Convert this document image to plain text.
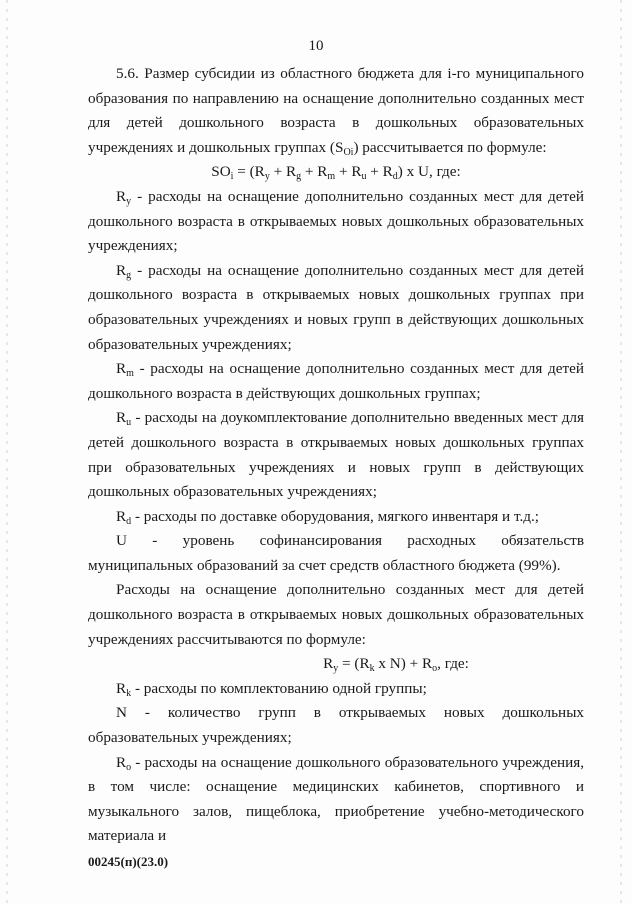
10

5.6. Размер субсидии из областного бюджета для i-го муниципального образования по направлению на оснащение дополнительно созданных мест для детей дошкольного возраста в дошкольных образовательных учреждениях и дошкольных группах $(S_{Oi})$ рассчитывается по формуле:

$SO_i = (R_y + R_g + R_m + R_u + R_d)$ x U, где:

$R_y$ - расходы на оснащение дополнительно созданных мест для детей дошкольного возраста в открываемых новых дошкольных образовательных учреждениях;

$R_g$ - расходы на оснащение дополнительно созданных мест для детей дошкольного возраста в открываемых новых дошкольных группах при образовательных учреждениях и новых групп в действующих дошкольных образовательных учреждениях;

$R_m$ - расходы на оснащение дополнительно созданных мест для детей дошкольного возраста в действующих дошкольных группах;

$R_u$ - расходы на доукомплектование дополнительно введенных мест для детей дошкольного возраста в открываемых новых дошкольных группах при образовательных учреждениях и новых групп в действующих дошкольных образовательных учреждениях;

$R_d$ - расходы по доставке оборудования, мягкого инвентаря и т.д.;

U - уровень софинансирования расходных обязательств муниципальных образований за счет средств областного бюджета (99%).

Расходы на оснащение дополнительно созданных мест для детей дошкольного возраста в открываемых новых дошкольных образовательных учреждениях рассчитываются по формуле:

$R_y = (R_k$ x $N) + R_o$, где:

$R_k$ - расходы по комплектованию одной группы;

N - количество групп в открываемых новых дошкольных образовательных учреждениях;

$R_o$ - расходы на оснащение дошкольного образовательного учреждения, в том числе: оснащение медицинских кабинетов, спортивного и музыкального залов, пищеблока, приобретение учебно-методического материала и

00245(п)(23.0)
